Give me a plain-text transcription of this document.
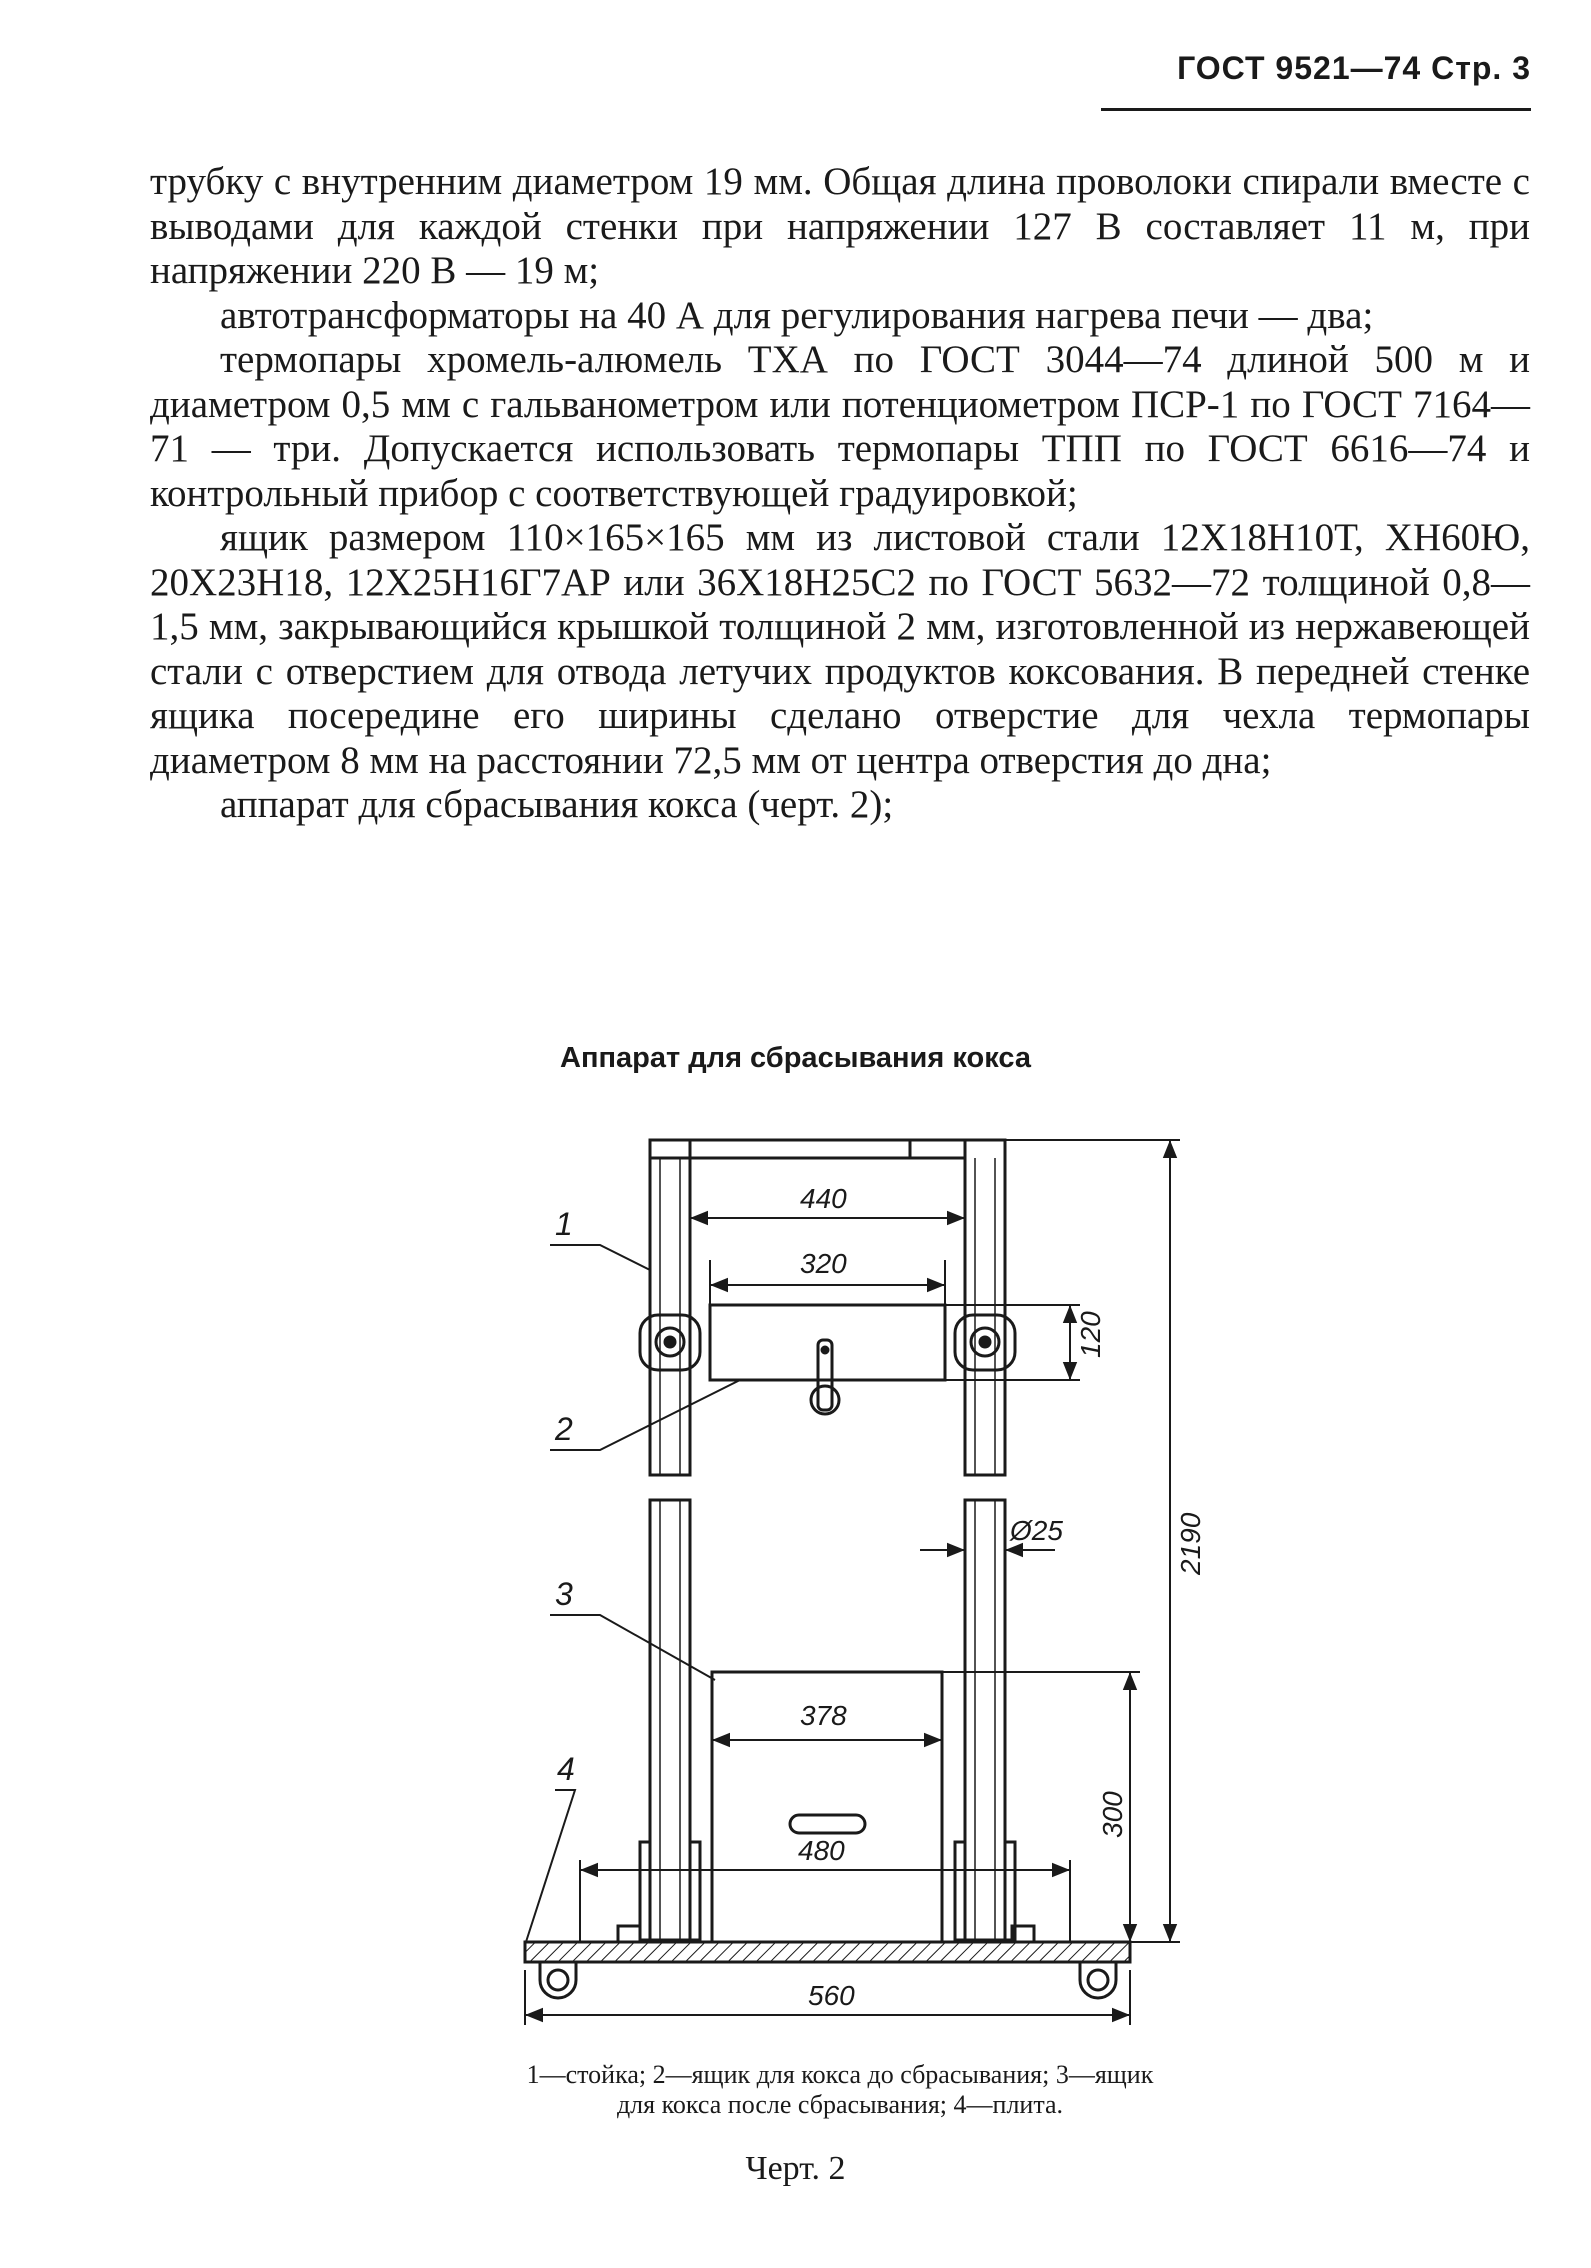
ГОСТ 9521—74 Стр. 3

трубку с внутренним диаметром 19 мм. Общая длина проволоки спирали вместе с выводами для каждой стенки при напряжении 127 В составляет 11 м, при напряжении 220 В — 19 м;

автотрансформаторы на 40 А для регулирования нагрева печи — два;

термопары хромель-алюмель ТХА по ГОСТ 3044—74 длиной 500 м и диаметром 0,5 мм с гальванометром или потенциометром ПСР-1 по ГОСТ 7164—71 — три. Допускается использовать термопары ТПП по ГОСТ 6616—74 и контрольный прибор с соответствующей градуировкой;

ящик размером 110×165×165 мм из листовой стали 12Х18Н10Т, ХН60Ю, 20Х23Н18, 12Х25Н16Г7АР или 36Х18Н25С2 по ГОСТ 5632—72 толщиной 0,8—1,5 мм, закрывающийся крышкой толщиной 2 мм, изготовленной из нержавеющей стали с отверстием для отвода летучих продуктов коксования. В передней стенке ящика посередине его ширины сделано отверстие для чехла термопары диаметром 8 мм на расстоянии 72,5 мм от центра отверстия до дна;

аппарат для сбрасывания кокса (черт. 2);

Аппарат для сбрасывания кокса
440
320
120
2190
Ø25
378
300
480
560
1
2
3
4
1—стойка; 2—ящик для кокса до сбрасывания; 3—ящик для кокса после сбрасывания; 4—плита.
Черт. 2
